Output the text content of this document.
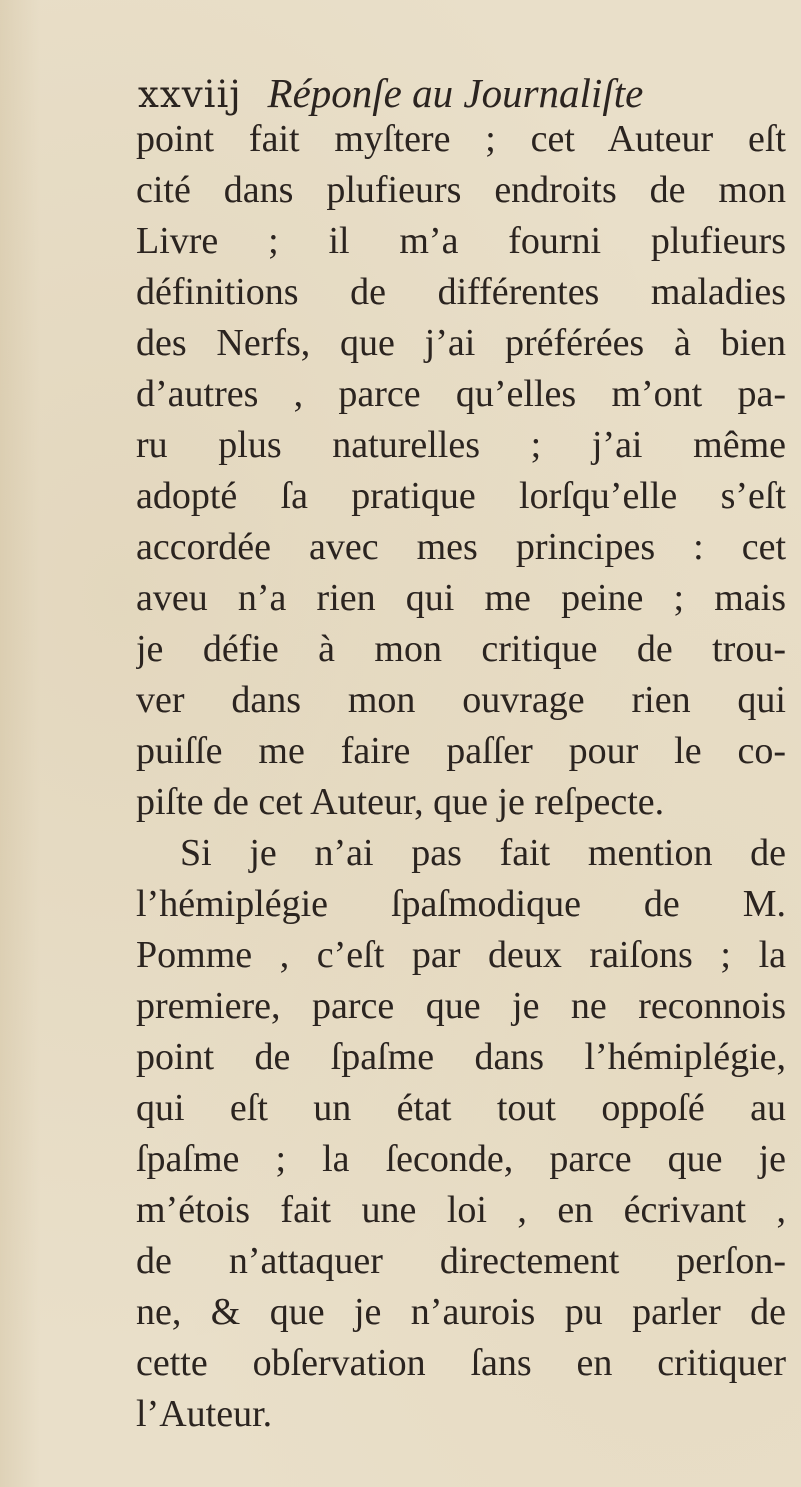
xxviij Réponſe au Journaliſte
point fait myſtere ; cet Auteur eſt
cité dans plufieurs endroits de mon
Livre ; il m’a fourni plufieurs
définitions de différentes maladies
des Nerfs, que j’ai préférées à bien
d’autres , parce qu’elles m’ont pa-
ru plus naturelles ; j’ai même
adopté ſa pratique lorſqu’elle s’eſt
accordée avec mes principes : cet
aveu n’a rien qui me peine ; mais
je défie à mon critique de trou-
ver dans mon ouvrage rien qui
puiſſe me faire paſſer pour le co-
piſte de cet Auteur, que je reſpecte.
Si je n’ai pas fait mention de
l’hémiplégie ſpaſmodique de M.
Pomme , c’eſt par deux raiſons ; la
premiere, parce que je ne reconnois
point de ſpaſme dans l’hémiplégie,
qui eſt un état tout oppoſé au
ſpaſme ; la ſeconde, parce que je
m’étois fait une loi , en écrivant ,
de n’attaquer directement perſon-
ne, & que je n’aurois pu parler de
cette obſervation ſans en critiquer
l’Auteur.
